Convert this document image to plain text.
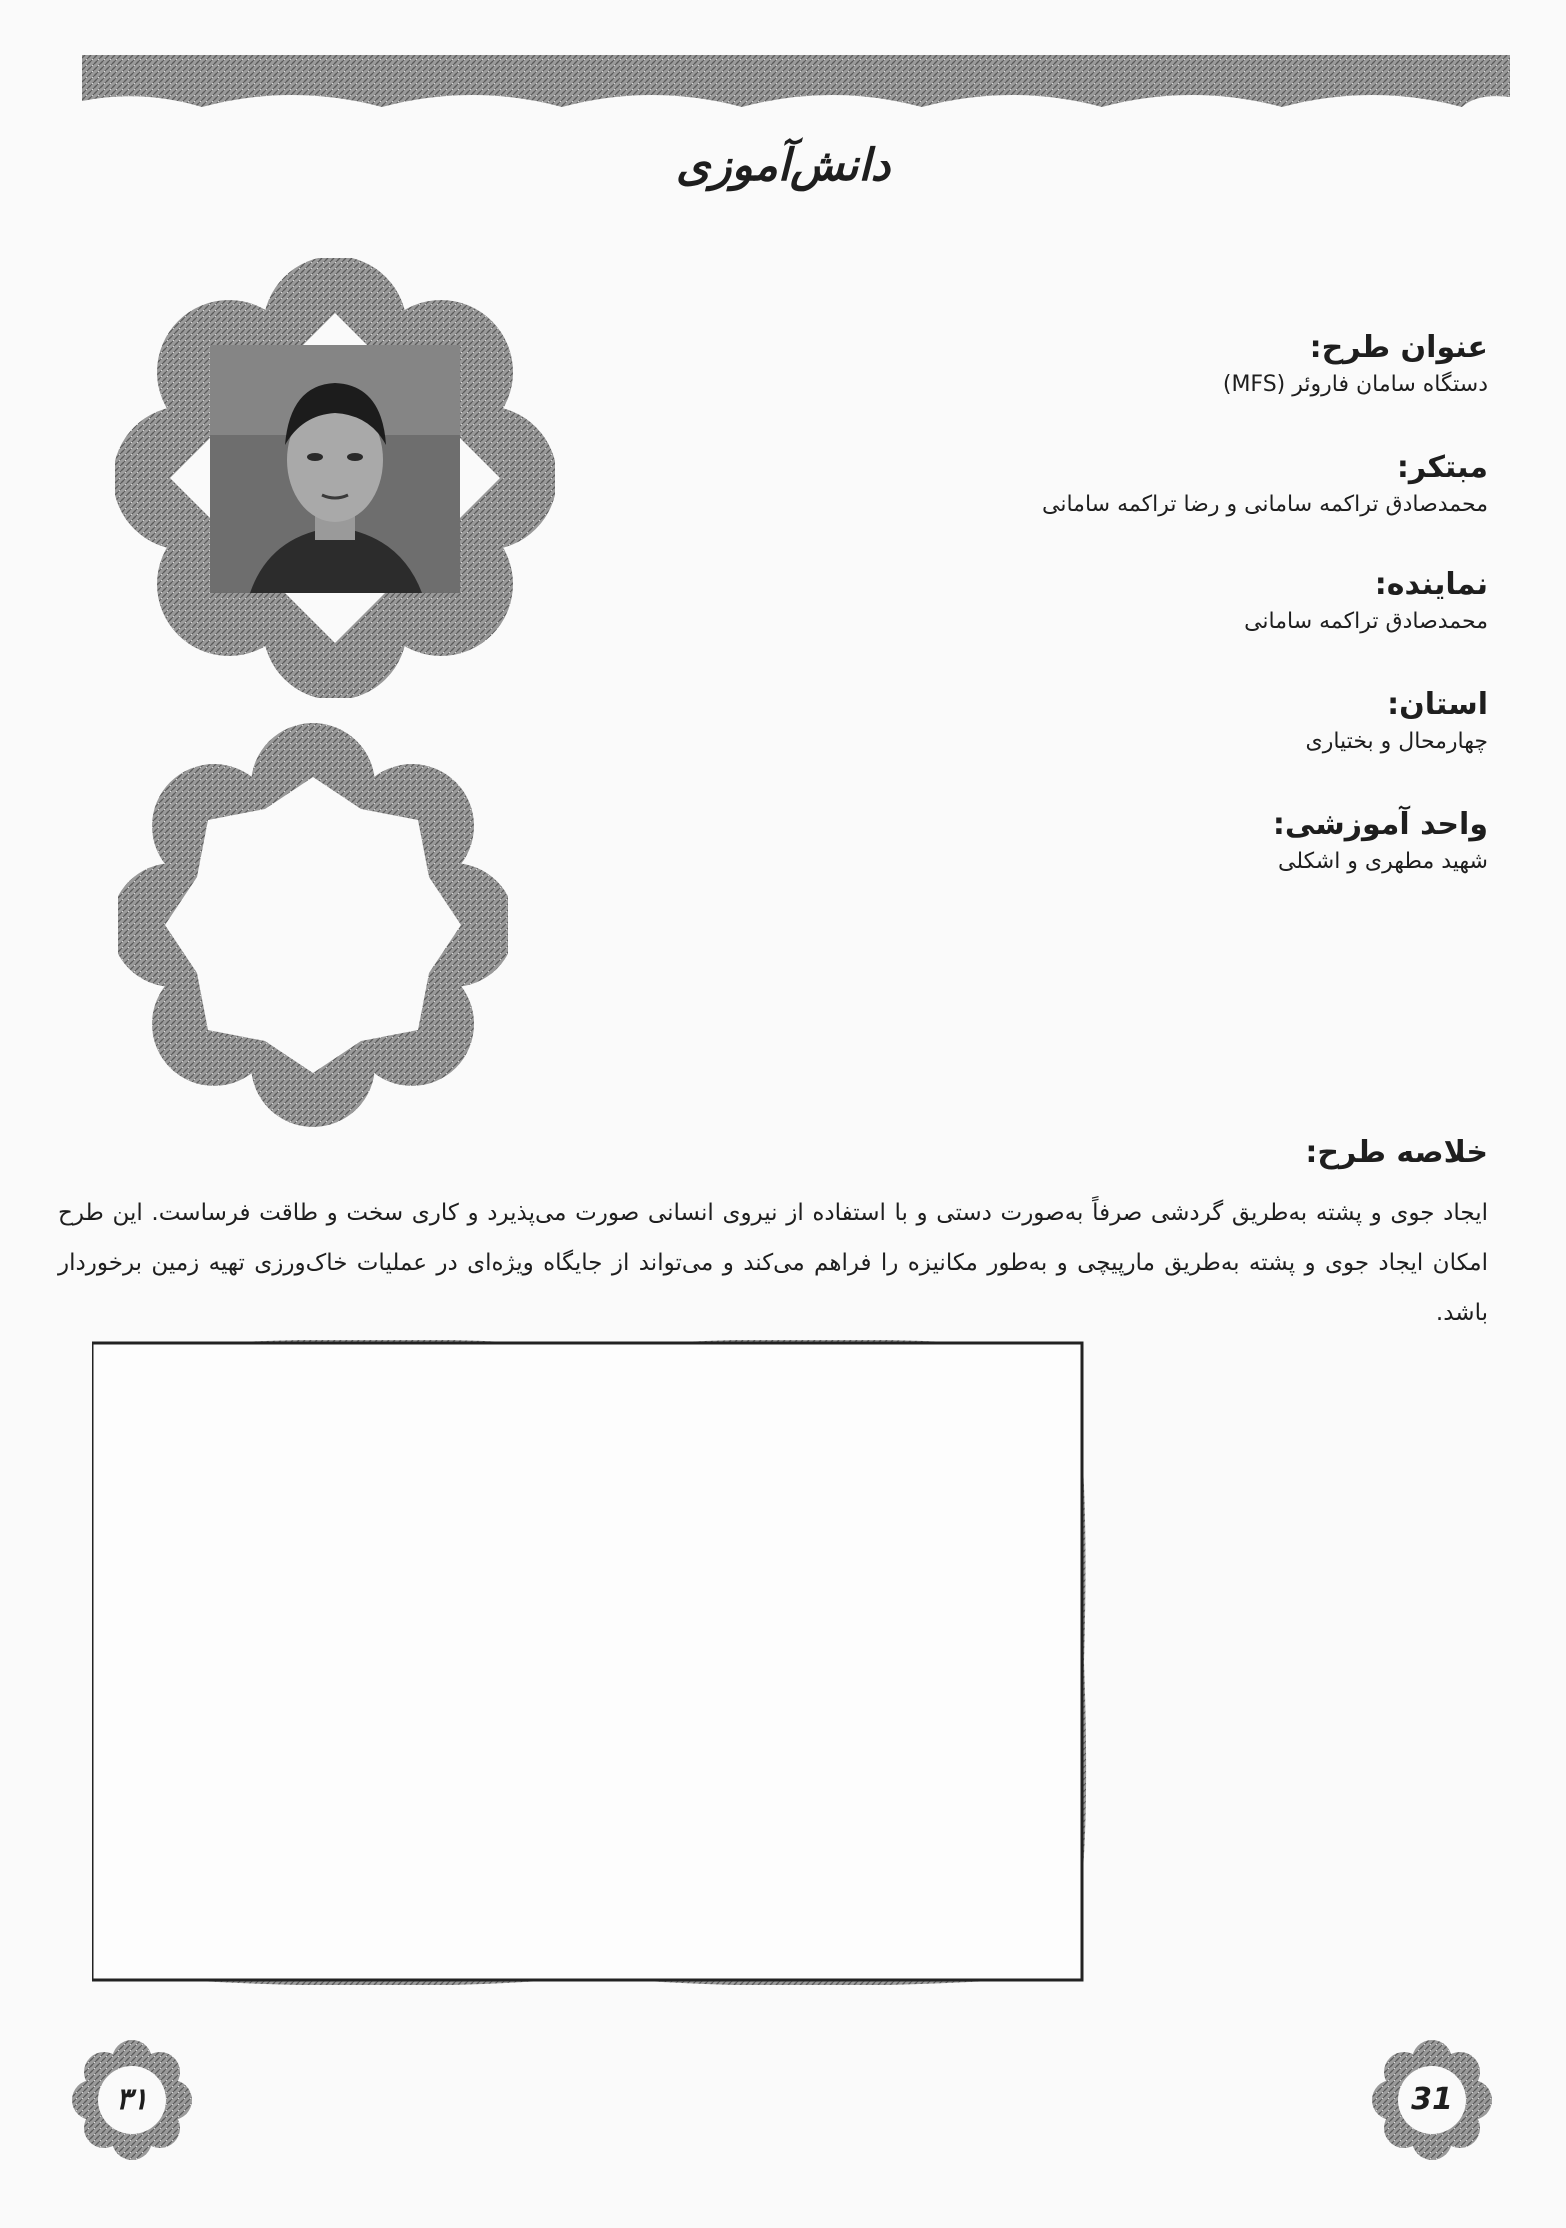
دانش‌آموزی
عنوان طرح:
دستگاه سامان فاروئر (MFS)
مبتکر:
محمدصادق تراکمه سامانی و رضا تراکمه سامانی
نماینده:
محمدصادق تراکمه سامانی
استان:
چهارمحال و بختیاری
واحد آموزشی:
شهید مطهری و اشکلی
خلاصه طرح:
ایجاد جوی و پشته به‌طریق گردشی صرفاً به‌صورت دستی و با استفاده از نیروی انسانی صورت می‌پذیرد و کاری سخت و طاقت فرساست. این طرح امکان ایجاد جوی و پشته به‌طریق مارپیچی و به‌طور مکانیزه را فراهم می‌کند و می‌تواند از جایگاه ویژه‌ای در عملیات خاک‌ورزی تهیه زمین برخوردار باشد.
۳۱	31
